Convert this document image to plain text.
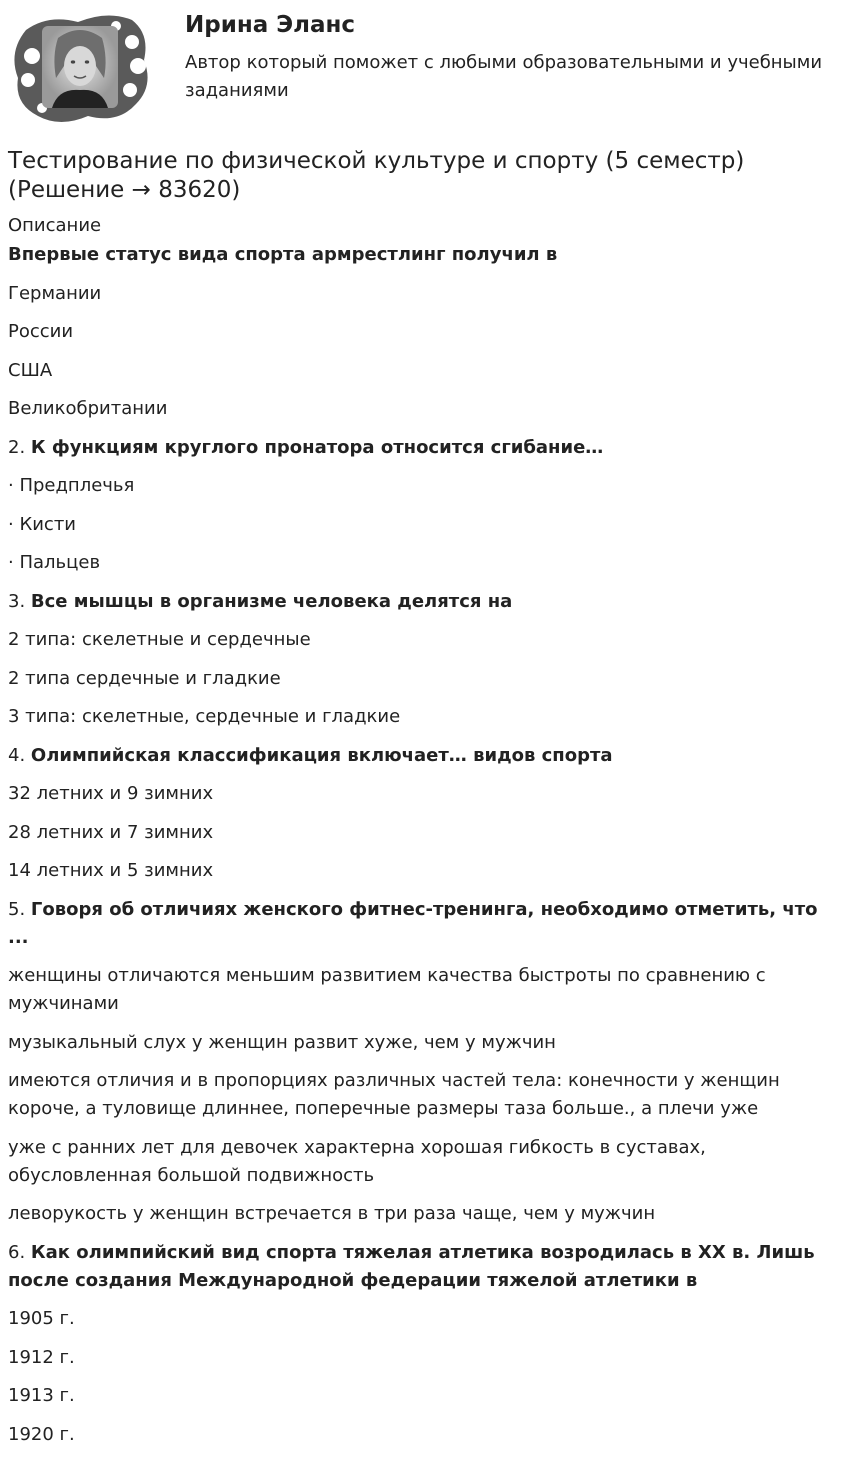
Ирина Эланс
Автор который поможет с любыми образовательными и учебными заданиями
Тестирование по физической культуре и спорту (5 семестр) (Решение → 83620)
Описание
Впервые статус вида спорта армрестлинг получил в
Германии
России
США
Великобритании
2. К функциям круглого пронатора относится сгибание…
· Предплечья
· Кисти
· Пальцев
3. Все мышцы в организме человека делятся на
2 типа: скелетные и сердечные
2 типа сердечные и гладкие
3 типа: скелетные, сердечные и гладкие
4. Олимпийская классификация включает… видов спорта
32 летних и 9 зимних
28 летних и 7 зимних
14 летних и 5 зимних
5. Говоря об отличиях женского фитнес-тренинга, необходимо отметить, что ...
женщины отличаются меньшим развитием качества быстроты по сравнению с мужчинами
музыкальный слух у женщин развит хуже, чем у мужчин
имеются отличия и в пропорциях различных частей тела: конечности у женщин короче, а туловище длиннее, поперечные размеры таза больше., а плечи уже
уже с ранних лет для девочек характерна хорошая гибкость в суставах, обусловленная большой подвижность
леворукость у женщин встречается в три раза чаще, чем у мужчин
6. Как олимпийский вид спорта тяжелая атлетика возродилась в XX в. Лишь после создания Международной федерации тяжелой атлетики в
1905 г.
1912 г.
1913 г.
1920 г.
